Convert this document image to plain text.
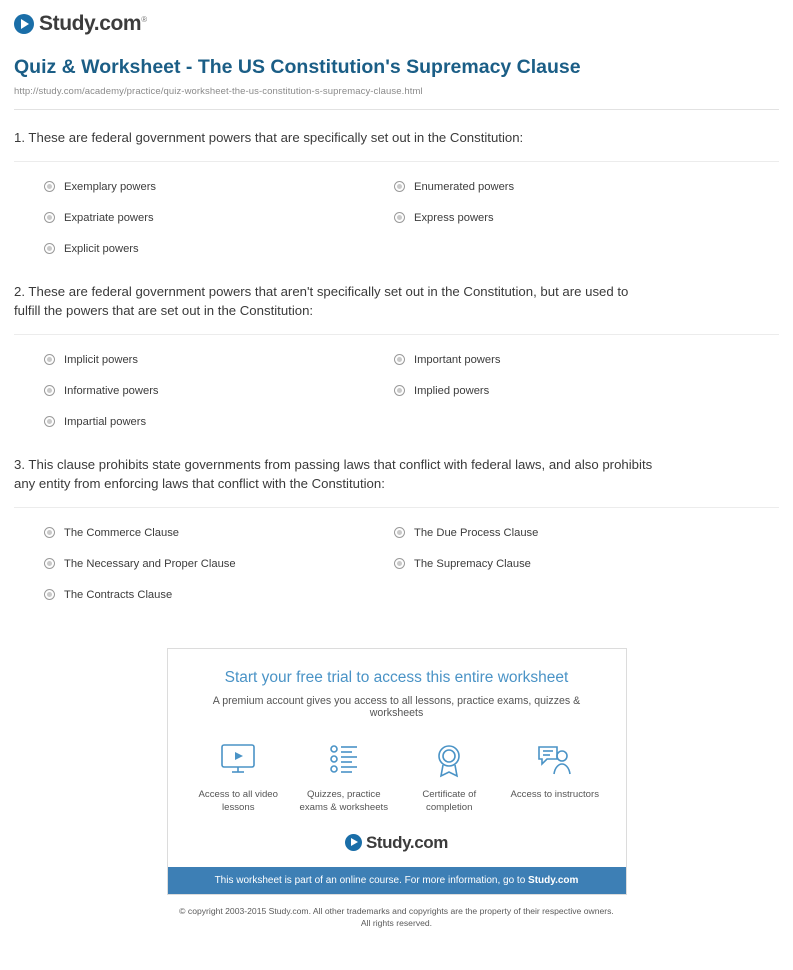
Study.com®
Quiz & Worksheet - The US Constitution's Supremacy Clause
http://study.com/academy/practice/quiz-worksheet-the-us-constitution-s-supremacy-clause.html
1. These are federal government powers that are specifically set out in the Constitution:
Exemplary powers	Enumerated powers
Expatriate powers	Express powers
Explicit powers
2. These are federal government powers that aren't specifically set out in the Constitution, but are used to fulfill the powers that are set out in the Constitution:
Implicit powers	Important powers
Informative powers	Implied powers
Impartial powers
3. This clause prohibits state governments from passing laws that conflict with federal laws, and also prohibits any entity from enforcing laws that conflict with the Constitution:
The Commerce Clause	The Due Process Clause
The Necessary and Proper Clause	The Supremacy Clause
The Contracts Clause
Start your free trial to access this entire worksheet
A premium account gives you access to all lessons, practice exams, quizzes & worksheets
Access to all video lessons
Quizzes, practice exams & worksheets
Certificate of completion
Access to instructors
Study.com
This worksheet is part of an online course. For more information, go to Study.com
© copyright 2003-2015 Study.com. All other trademarks and copyrights are the property of their respective owners.
All rights reserved.
